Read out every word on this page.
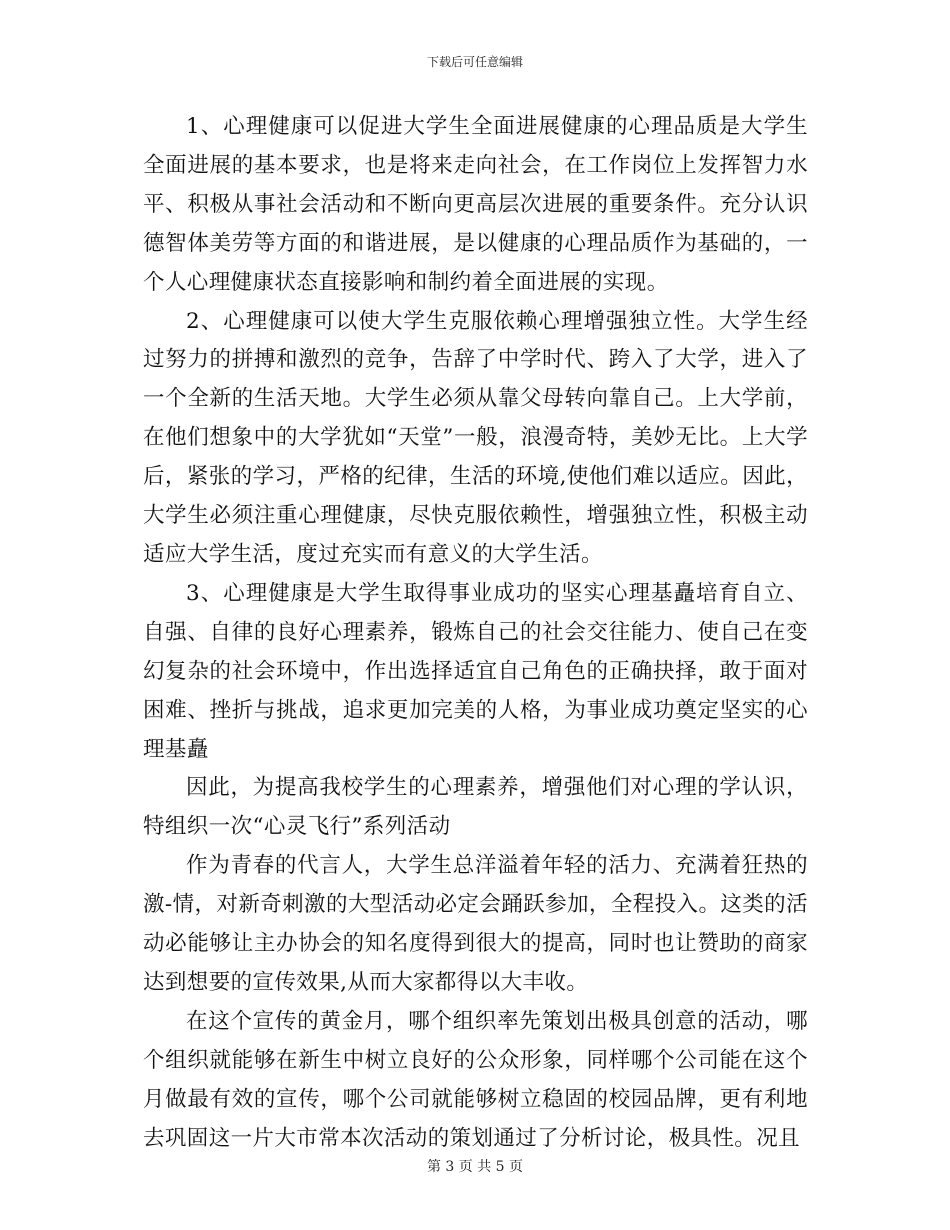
下载后可任意编辑

1、心理健康可以促进大学生全面进展健康的心理品质是大学生全面进展的基本要求，也是将来走向社会，在工作岗位上发挥智力水平、积极从事社会活动和不断向更高层次进展的重要条件。充分认识德智体美劳等方面的和谐进展，是以健康的心理品质作为基础的，一个人心理健康状态直接影响和制约着全面进展的实现。

2、心理健康可以使大学生克服依赖心理增强独立性。大学生经过努力的拼搏和激烈的竞争，告辞了中学时代、跨入了大学，进入了一个全新的生活天地。大学生必须从靠父母转向靠自己。上大学前，在他们想象中的大学犹如“天堂”一般，浪漫奇特，美妙无比。上大学后，紧张的学习，严格的纪律，生活的环境,使他们难以适应。因此，大学生必须注重心理健康，尽快克服依赖性，增强独立性，积极主动适应大学生活，度过充实而有意义的大学生活。

3、心理健康是大学生取得事业成功的坚实心理基矗培育自立、自强、自律的良好心理素养，锻炼自己的社会交往能力、使自己在变幻复杂的社会环境中，作出选择适宜自己角色的正确抉择，敢于面对困难、挫折与挑战，追求更加完美的人格，为事业成功奠定坚实的心理基矗

因此，为提高我校学生的心理素养，增强他们对心理的学认识，特组织一次“心灵飞行”系列活动

作为青春的代言人，大学生总洋溢着年轻的活力、充满着狂热的激-情，对新奇刺激的大型活动必定会踊跃参加，全程投入。这类的活动必能够让主办协会的知名度得到很大的提高，同时也让赞助的商家达到想要的宣传效果,从而大家都得以大丰收。

在这个宣传的黄金月，哪个组织率先策划出极具创意的活动，哪个组织就能够在新生中树立良好的公众形象，同样哪个公司能在这个月做最有效的宣传，哪个公司就能够树立稳固的校园品牌，更有利地去巩固这一片大市常本次活动的策划通过了分析讨论，极具性。况且

第 3 页 共 5 页
